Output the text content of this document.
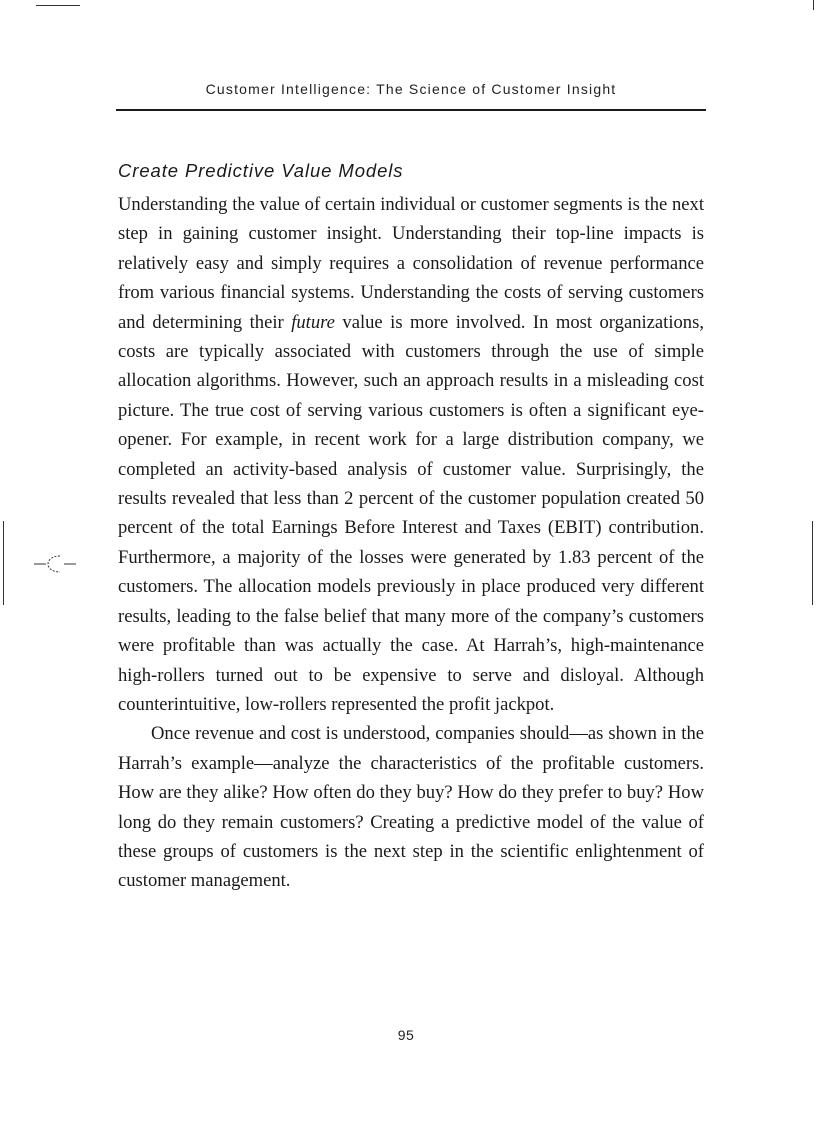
Customer Intelligence: The Science of Customer Insight
Create Predictive Value Models

Understanding the value of certain individual or customer segments is the next step in gaining customer insight. Understanding their top-line impacts is relatively easy and simply requires a consolidation of revenue performance from various financial systems. Understanding the costs of serving customers and determining their future value is more involved. In most organizations, costs are typically associated with customers through the use of simple allocation algorithms. However, such an approach results in a misleading cost picture. The true cost of serving various customers is often a significant eye-opener. For example, in recent work for a large distribution company, we completed an activity-based analysis of customer value. Surprisingly, the results revealed that less than 2 percent of the customer population created 50 percent of the total Earnings Before Interest and Taxes (EBIT) contribution. Furthermore, a majority of the losses were generated by 1.83 percent of the customers. The allocation models previously in place produced very different results, leading to the false belief that many more of the company’s customers were profitable than was actually the case. At Harrah’s, high-maintenance high-rollers turned out to be expensive to serve and disloyal. Although counterintuitive, low-rollers represented the profit jackpot.

Once revenue and cost is understood, companies should—as shown in the Harrah’s example—analyze the characteristics of the profitable customers. How are they alike? How often do they buy? How do they prefer to buy? How long do they remain customers? Creating a predictive model of the value of these groups of customers is the next step in the scientific enlightenment of customer management.

95
